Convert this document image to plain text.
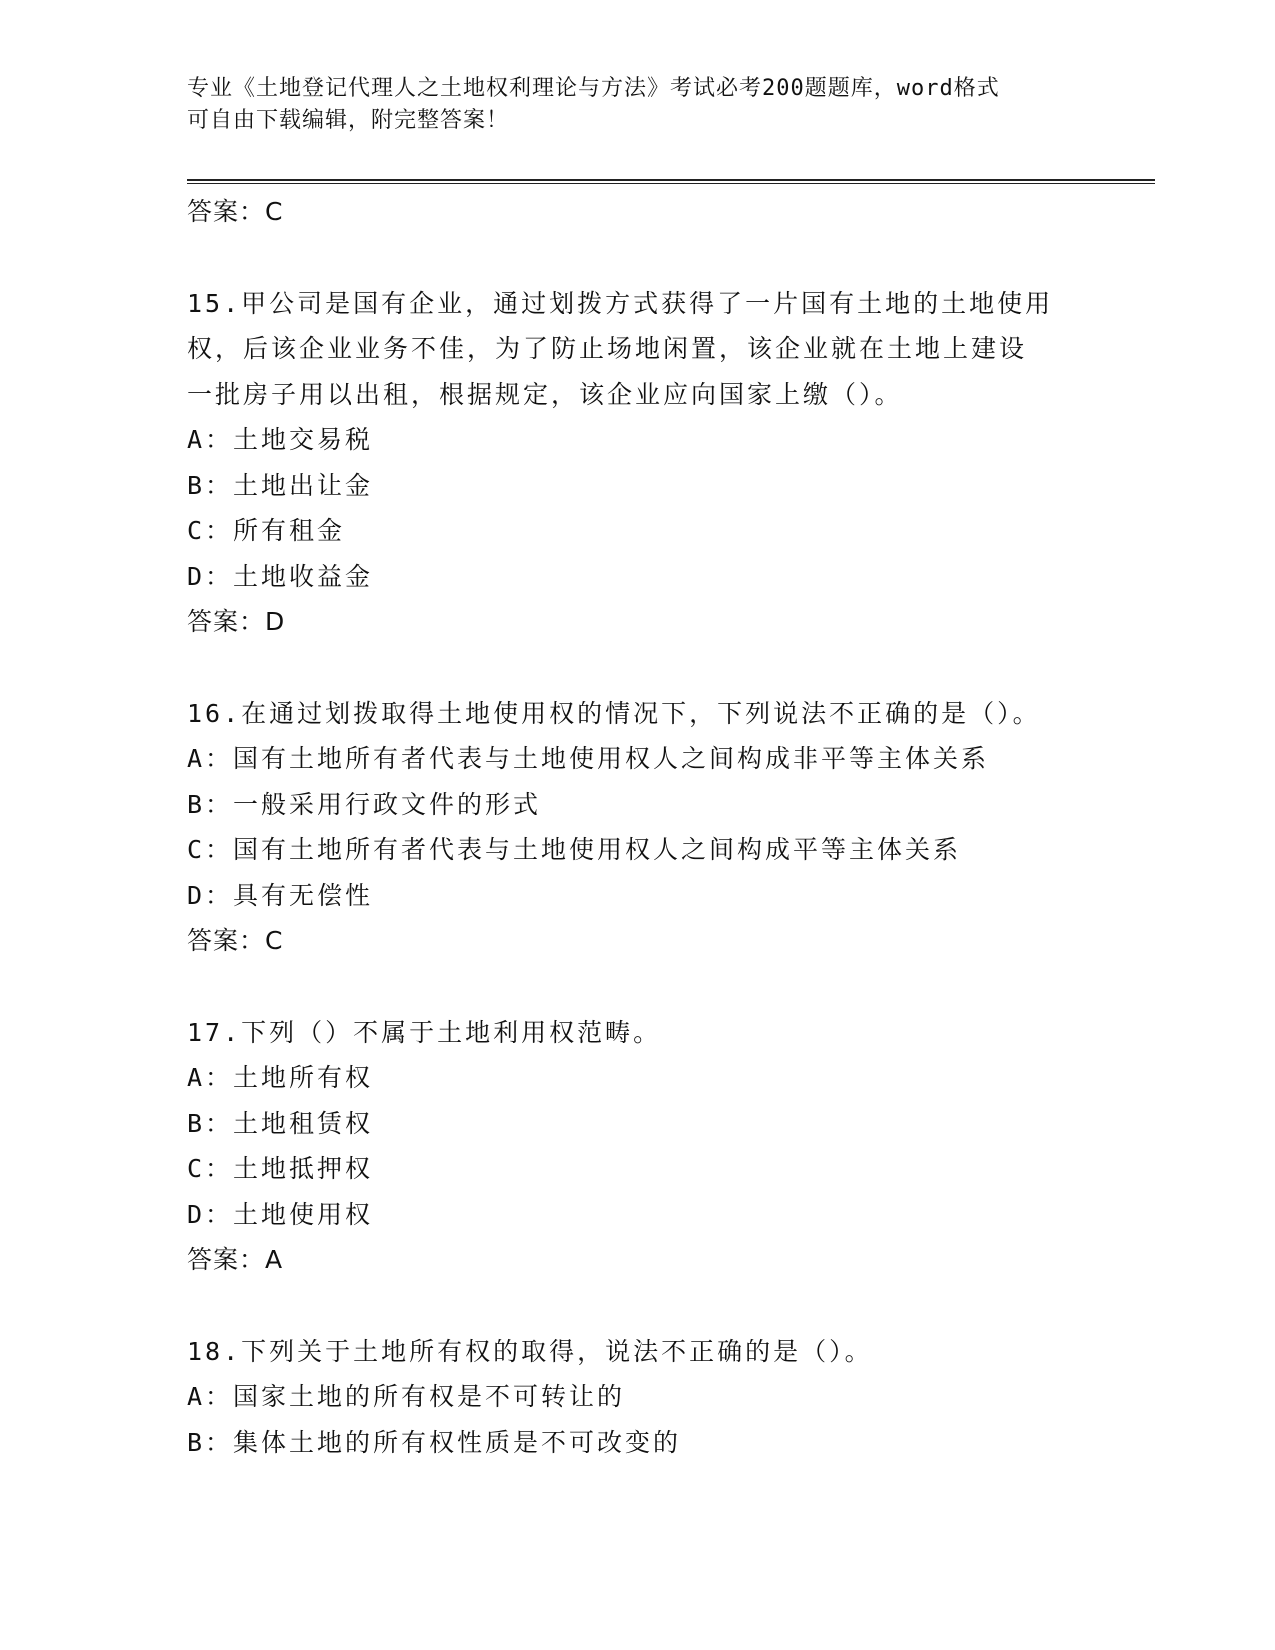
专业《土地登记代理人之土地权利理论与方法》考试必考200题题库，word格式
可自由下载编辑，附完整答案！
答案：C
15.甲公司是国有企业，通过划拨方式获得了一片国有土地的土地使用
权，后该企业业务不佳，为了防止场地闲置，该企业就在土地上建设
一批房子用以出租，根据规定，该企业应向国家上缴（）。
A：土地交易税
B：土地出让金
C：所有租金
D：土地收益金
答案：D
16.在通过划拨取得土地使用权的情况下，下列说法不正确的是（）。
A：国有土地所有者代表与土地使用权人之间构成非平等主体关系
B：一般采用行政文件的形式
C：国有土地所有者代表与土地使用权人之间构成平等主体关系
D：具有无偿性
答案：C
17.下列（）不属于土地利用权范畴。
A：土地所有权
B：土地租赁权
C：土地抵押权
D：土地使用权
答案：A
18.下列关于土地所有权的取得，说法不正确的是（）。
A：国家土地的所有权是不可转让的
B：集体土地的所有权性质是不可改变的
